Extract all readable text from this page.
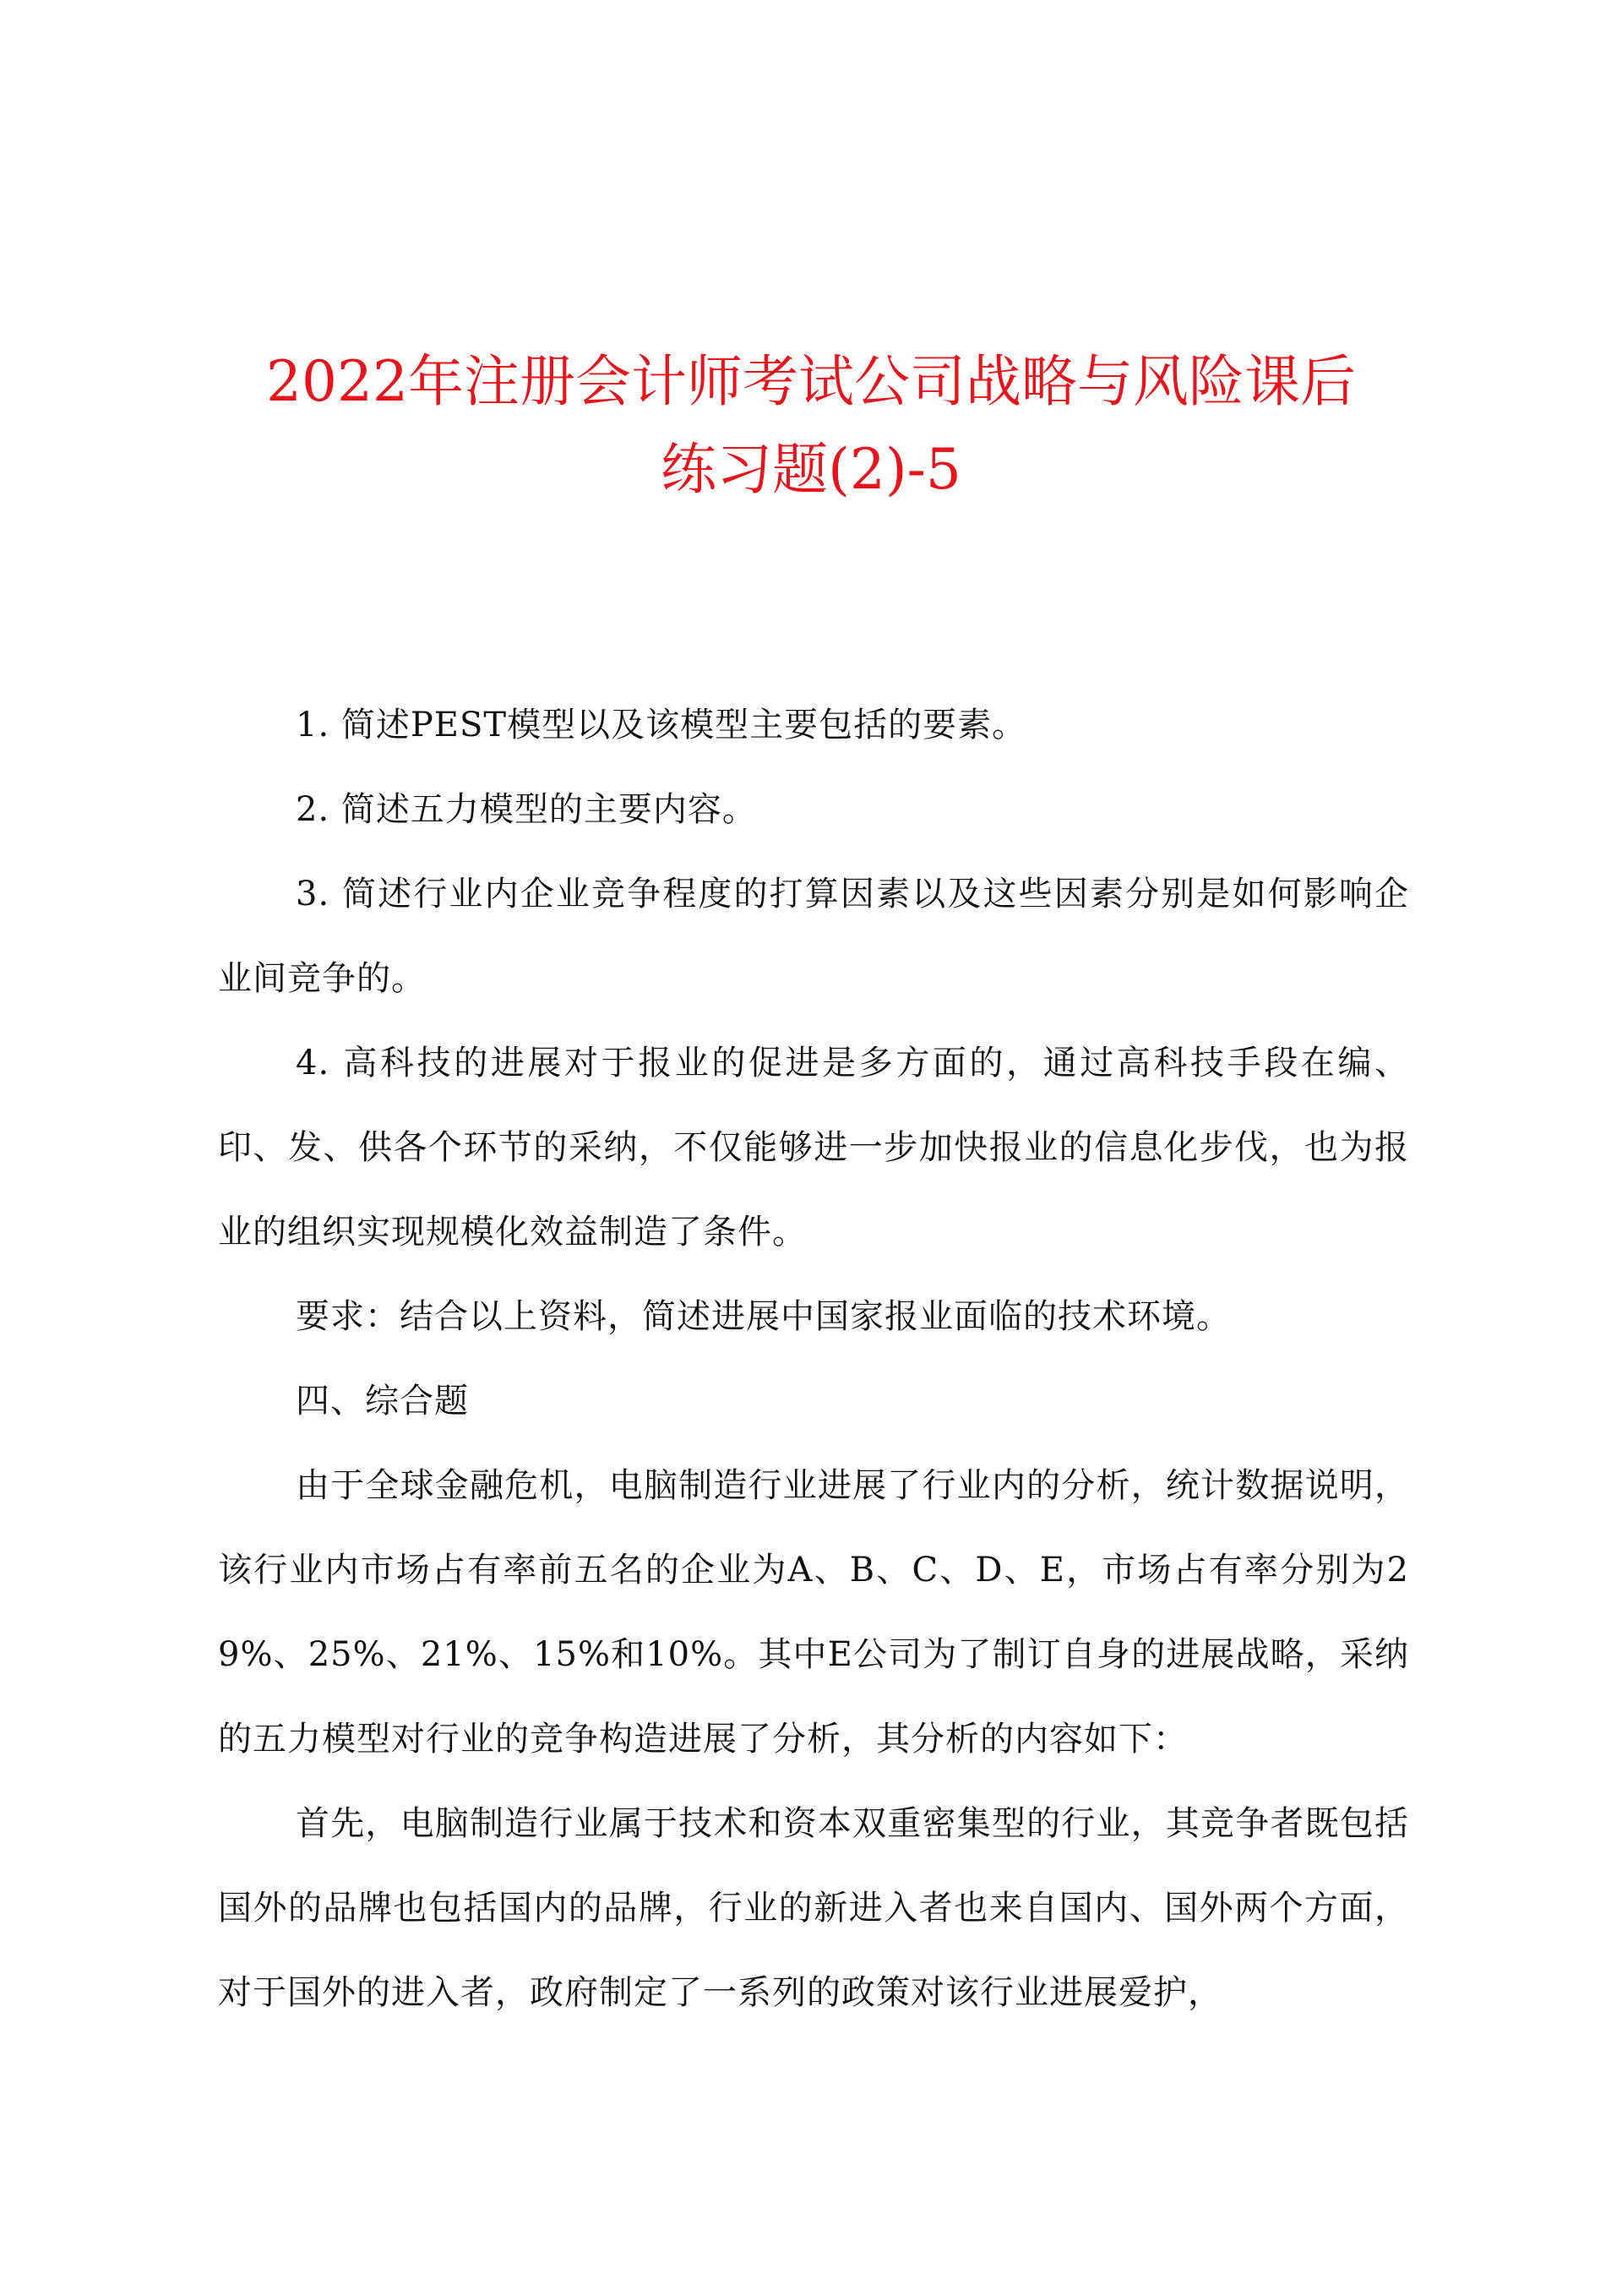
2022年注册会计师考试公司战略与风险课后
练习题(2)-5

1. 简述PEST模型以及该模型主要包括的要素。

2. 简述五力模型的主要内容。

3. 简述行业内企业竞争程度的打算因素以及这些因素分别是如何影响企业间竞争的。

4. 高科技的进展对于报业的促进是多方面的，通过高科技手段在编、印、发、供各个环节的采纳，不仅能够进一步加快报业的信息化步伐，也为报业的组织实现规模化效益制造了条件。

要求：结合以上资料，简述进展中国家报业面临的技术环境。

四、综合题

由于全球金融危机，电脑制造行业进展了行业内的分析，统计数据说明，该行业内市场占有率前五名的企业为A、B、C、D、E，市场占有率分别为29%、25%、21%、15%和10%。其中E公司为了制订自身的进展战略，采纳的五力模型对行业的竞争构造进展了分析，其分析的内容如下：

首先，电脑制造行业属于技术和资本双重密集型的行业，其竞争者既包括国外的品牌也包括国内的品牌，行业的新进入者也来自国内、国外两个方面，对于国外的进入者，政府制定了一系列的政策对该行业进展爱护，
